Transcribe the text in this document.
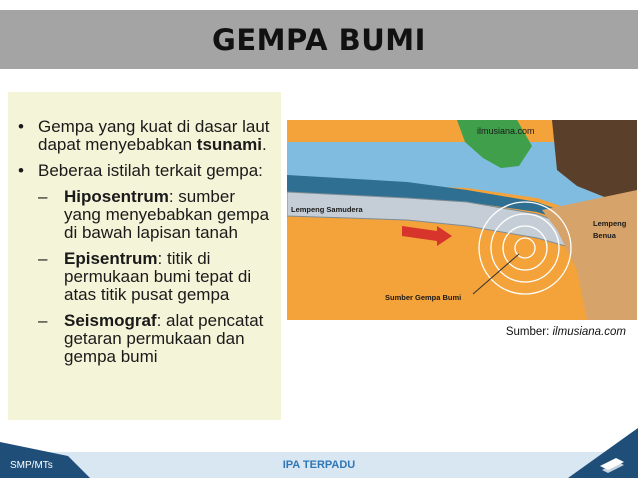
GEMPA BUMI
• Gempa yang kuat di dasar laut dapat menyebabkan tsunami.
• Beberaa istilah terkait gempa:
– Hiposentrum: sumber yang menyebabkan gempa di bawah lapisan tanah
– Episentrum: titik di permukaan bumi tepat di atas titik pusat gempa
– Seismograf: alat pencatat getaran permukaan dan gempa bumi
ilmusiana.com
Lempeng Samudera
Lempeng
Benua
Sumber Gempa Bumi
Sumber: ilmusiana.com
SMP/MTs	IPA TERPADU
